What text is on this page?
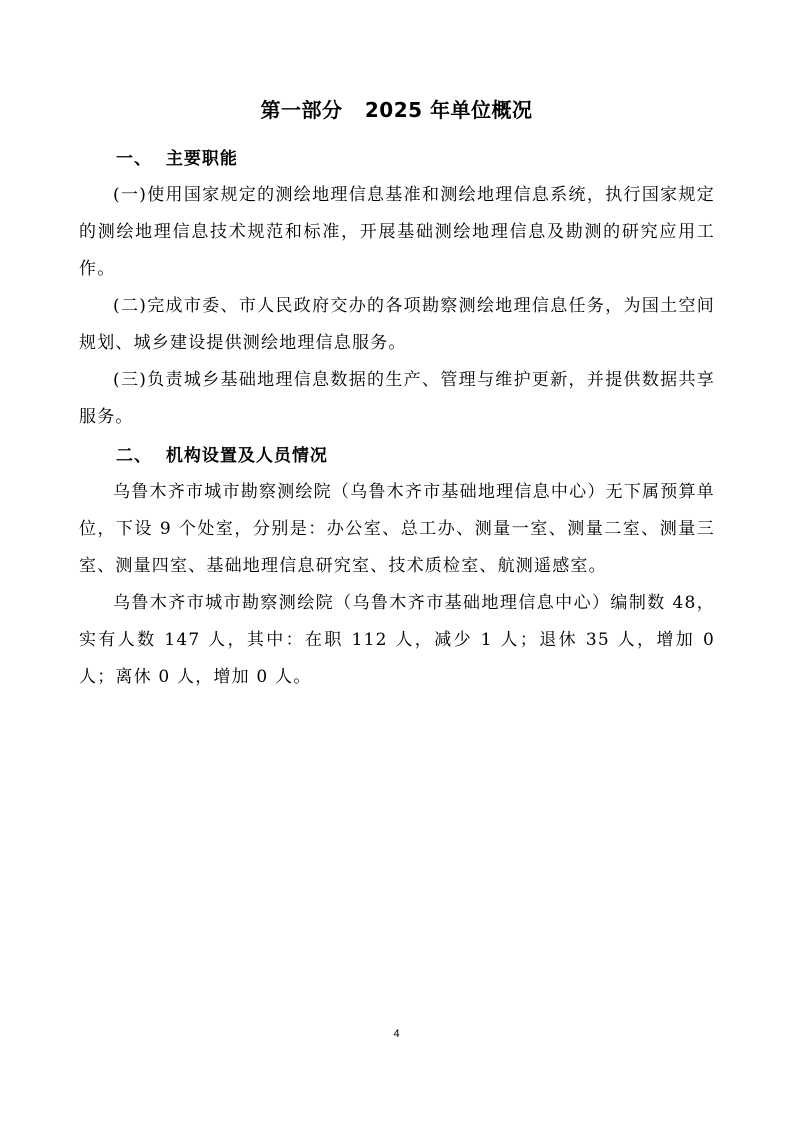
第一部分   2025 年单位概况
一、  主要职能

(一)使用国家规定的测绘地理信息基准和测绘地理信息系统，执行国家规定的测绘地理信息技术规范和标准，开展基础测绘地理信息及勘测的研究应用工作。

(二)完成市委、市人民政府交办的各项勘察测绘地理信息任务，为国土空间规划、城乡建设提供测绘地理信息服务。

(三)负责城乡基础地理信息数据的生产、管理与维护更新，并提供数据共享服务。

二、  机构设置及人员情况

乌鲁木齐市城市勘察测绘院（乌鲁木齐市基础地理信息中心）无下属预算单位，下设 9 个处室，分别是：办公室、总工办、测量一室、测量二室、测量三室、测量四室、基础地理信息研究室、技术质检室、航测遥感室。

乌鲁木齐市城市勘察测绘院（乌鲁木齐市基础地理信息中心）编制数 48，实有人数 147 人，其中：在职 112 人，减少 1 人；退休 35 人，增加 0 人；离休 0 人，增加 0 人。

4
